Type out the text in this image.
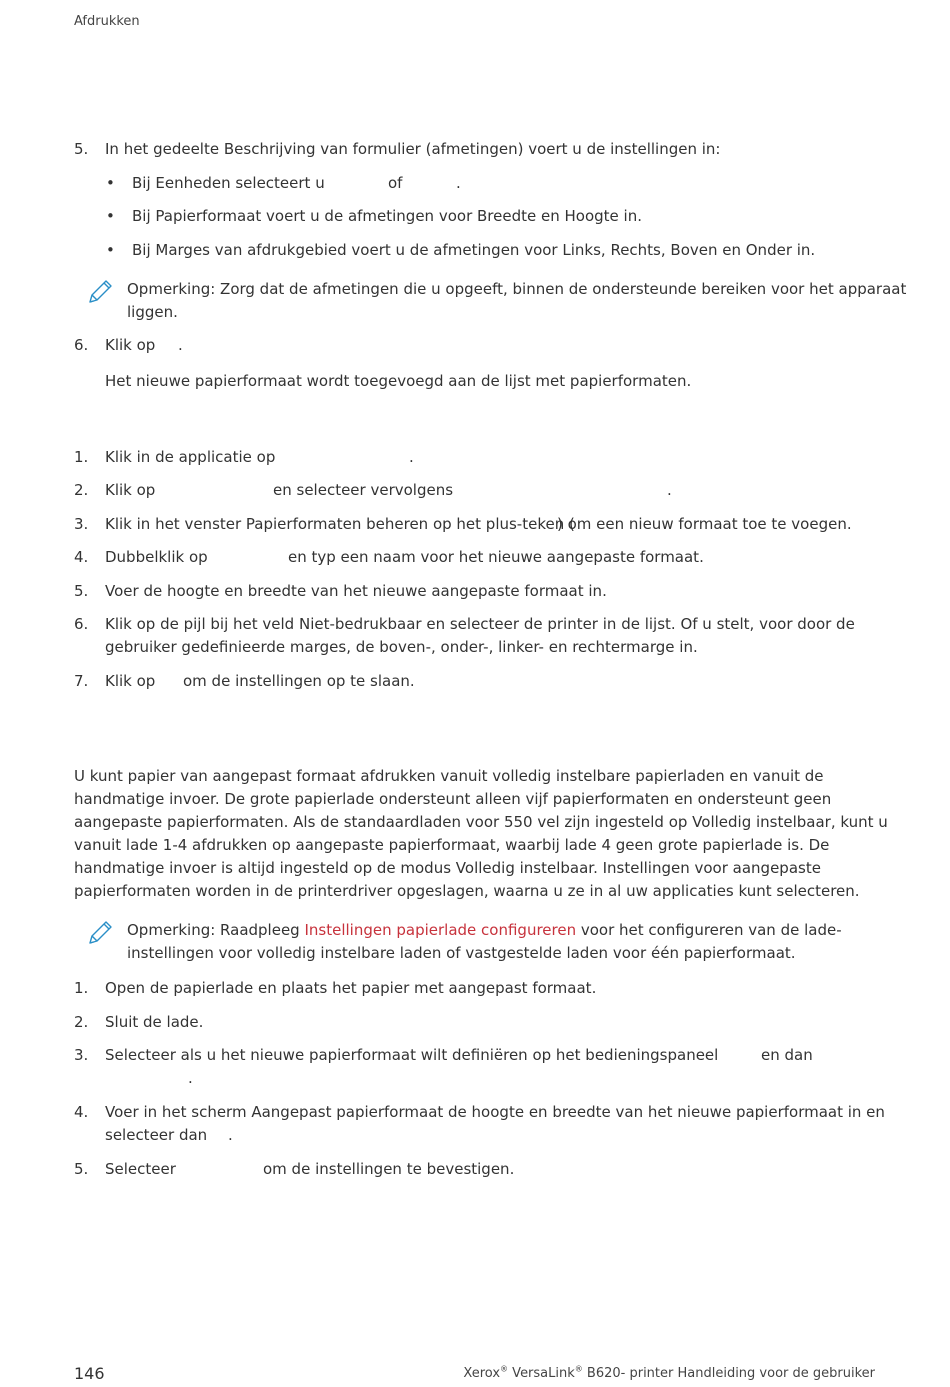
Afdrukken
5. In het gedeelte Beschrijving van formulier (afmetingen) voert u de instellingen in:
• Bij Eenheden selecteert u	of	.
• Bij Papierformaat voert u de afmetingen voor Breedte en Hoogte in.
• Bij Marges van afdrukgebied voert u de afmetingen voor Links, Rechts, Boven en Onder in.
Opmerking: Zorg dat de afmetingen die u opgeeft, binnen de ondersteunde bereiken voor het apparaat
liggen.
6. Klik op .
Het nieuwe papierformaat wordt toegevoegd aan de lijst met papierformaten.
1. Klik in de applicatie op	.
2. Klik op	en selecteer vervolgens	.
3. Klik in het venster Papierformaten beheren op het plus-teken (
) om een nieuw formaat toe te voegen.
4. Dubbelklik op	en typ een naam voor het nieuwe aangepaste formaat.
5. Voer de hoogte en breedte van het nieuwe aangepaste formaat in.
6. Klik op de pijl bij het veld Niet-bedrukbaar en selecteer de printer in de lijst. Of u stelt, voor door de
gebruiker gedefinieerde marges, de boven-, onder-, linker- en rechtermarge in.
7. Klik op om de instellingen op te slaan.
U kunt papier van aangepast formaat afdrukken vanuit volledig instelbare papierladen en vanuit de
handmatige invoer. De grote papierlade ondersteunt alleen vijf papierformaten en ondersteunt geen
aangepaste papierformaten. Als de standaardladen voor 550 vel zijn ingesteld op Volledig instelbaar, kunt u
vanuit lade 1-4 afdrukken op aangepaste papierformaat, waarbij lade 4 geen grote papierlade is. De
handmatige invoer is altijd ingesteld op de modus Volledig instelbaar. Instellingen voor aangepaste
papierformaten worden in de printerdriver opgeslagen, waarna u ze in al uw applicaties kunt selecteren.
Opmerking: Raadpleeg Instellingen papierlade configureren voor het configureren van de lade-
instellingen voor volledig instelbare laden of vastgestelde laden voor één papierformaat.
1. Open de papierlade en plaats het papier met aangepast formaat.
2. Sluit de lade.
3. Selecteer als u het nieuwe papierformaat wilt definiëren op het bedieningspaneel	en dan
.
4. Voer in het scherm Aangepast papierformaat de hoogte en breedte van het nieuwe papierformaat in en
selecteer dan .
5. Selecteer	om de instellingen te bevestigen.
146	Xerox® VersaLink® B620- printer Handleiding voor de gebruiker
